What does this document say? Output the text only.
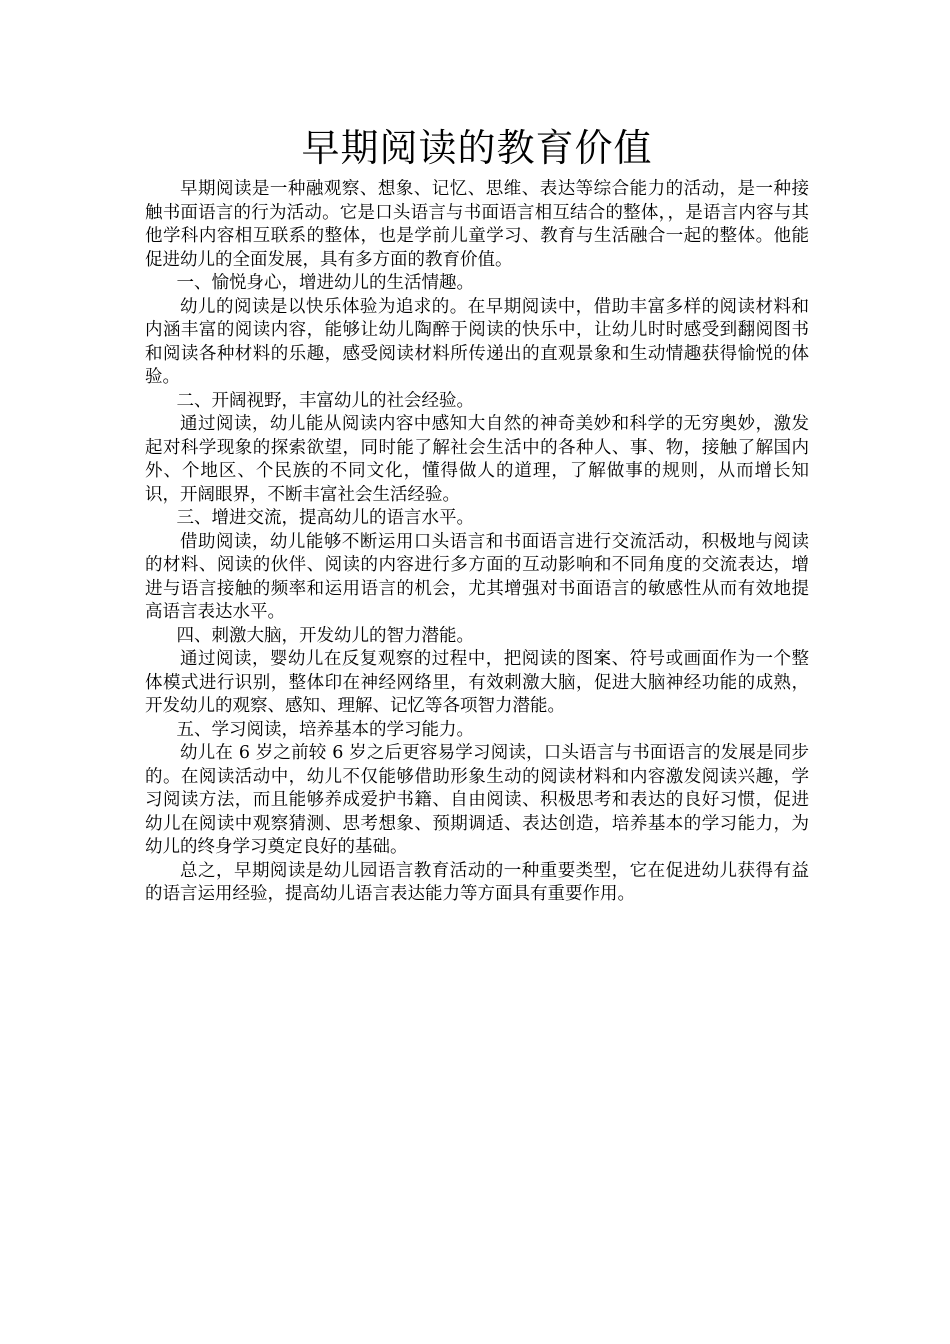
早期阅读的教育价值

早期阅读是一种融观察、想象、记忆、思维、表达等综合能力的活动，是一种接触书面语言的行为活动。它是口头语言与书面语言相互结合的整体，，是语言内容与其他学科内容相互联系的整体，也是学前儿童学习、教育与生活融合一起的整体。他能促进幼儿的全面发展，具有多方面的教育价值。

一、愉悦身心，增进幼儿的生活情趣。

幼儿的阅读是以快乐体验为追求的。在早期阅读中，借助丰富多样的阅读材料和内涵丰富的阅读内容，能够让幼儿陶醉于阅读的快乐中，让幼儿时时感受到翻阅图书和阅读各种材料的乐趣，感受阅读材料所传递出的直观景象和生动情趣获得愉悦的体验。

二、开阔视野，丰富幼儿的社会经验。

通过阅读，幼儿能从阅读内容中感知大自然的神奇美妙和科学的无穷奥妙，激发起对科学现象的探索欲望，同时能了解社会生活中的各种人、事、物，接触了解国内外、个地区、个民族的不同文化，懂得做人的道理，了解做事的规则，从而增长知识，开阔眼界，不断丰富社会生活经验。

三、增进交流，提高幼儿的语言水平。

借助阅读，幼儿能够不断运用口头语言和书面语言进行交流活动，积极地与阅读的材料、阅读的伙伴、阅读的内容进行多方面的互动影响和不同角度的交流表达，增进与语言接触的频率和运用语言的机会，尤其增强对书面语言的敏感性从而有效地提高语言表达水平。

四、刺激大脑，开发幼儿的智力潜能。

通过阅读，婴幼儿在反复观察的过程中，把阅读的图案、符号或画面作为一个整体模式进行识别，整体印在神经网络里，有效刺激大脑，促进大脑神经功能的成熟，开发幼儿的观察、感知、理解、记忆等各项智力潜能。

五、学习阅读，培养基本的学习能力。

幼儿在 6 岁之前较 6 岁之后更容易学习阅读，口头语言与书面语言的发展是同步的。在阅读活动中，幼儿不仅能够借助形象生动的阅读材料和内容激发阅读兴趣，学习阅读方法，而且能够养成爱护书籍、自由阅读、积极思考和表达的良好习惯，促进幼儿在阅读中观察猜测、思考想象、预期调适、表达创造，培养基本的学习能力，为幼儿的终身学习奠定良好的基础。

总之，早期阅读是幼儿园语言教育活动的一种重要类型，它在促进幼儿获得有益的语言运用经验，提高幼儿语言表达能力等方面具有重要作用。
